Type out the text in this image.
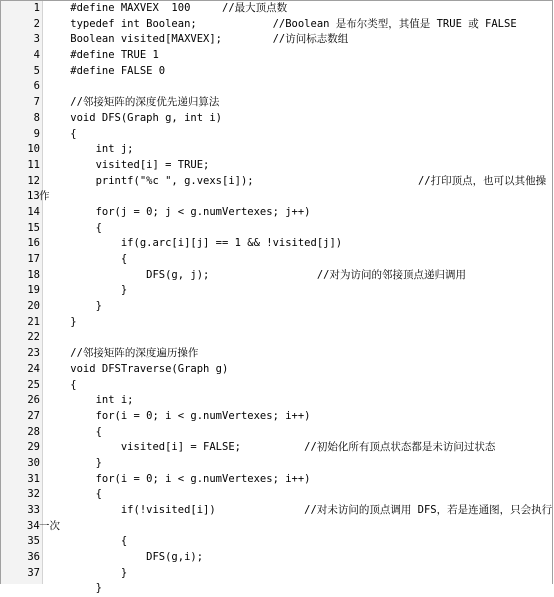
1 #define MAXVEX  100     //最大顶点数
2 typedef int Boolean;            //Boolean 是布尔类型，其值是 TRUE 或 FALSE
3 Boolean visited[MAXVEX];        //访问标志数组
4 #define TRUE 1
5 #define FALSE 0
6
7 //邻接矩阵的深度优先递归算法
8 void DFS(Graph g, int i)
9 {
10 int j;
11 visited[i] = TRUE;
12 printf("%c ", g.vexs[i]);                          //打印顶点，也可以其他操
13 作
14 for(j = 0; j < g.numVertexes; j++)
15 {
16 if(g.arc[i][j] == 1 && !visited[j])
17 {
18 DFS(g, j);                 //对为访问的邻接顶点递归调用
19 }
20 }
21 }
22
23 //邻接矩阵的深度遍历操作
24 void DFSTraverse(Graph g)
25 {
26 int i;
27 for(i = 0; i < g.numVertexes; i++)
28 {
29 visited[i] = FALSE;          //初始化所有顶点状态都是未访问过状态
30 }
31 for(i = 0; i < g.numVertexes; i++)
32 {
33 if(!visited[i])              //对未访问的顶点调用 DFS，若是连通图，只会执行
34 一次
35 {
36 DFS(g,i);
37 }
}
